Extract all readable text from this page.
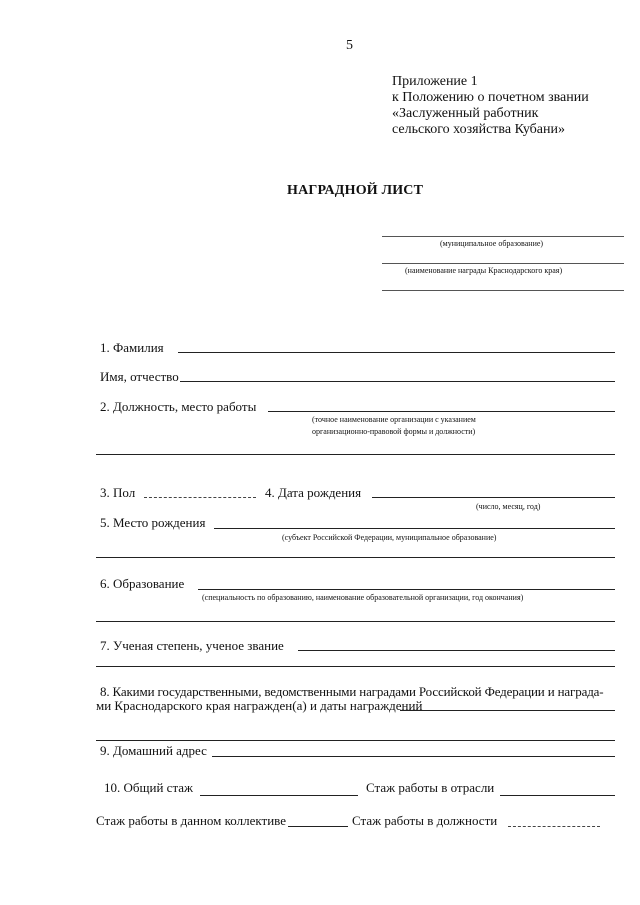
5
Приложение 1
к Положению о почетном звании
«Заслуженный работник
сельского хозяйства Кубани»
НАГРАДНОЙ ЛИСТ
(муниципальное образование)
(наименование награды Краснодарского края)
1. Фамилия
Имя, отчество
2. Должность, место работы
(точное наименование организации с указанием
организационно-правовой формы и должности)
3. Пол	4. Дата рождения
(число, месяц, год)
5. Место рождения
(субъект Российской Федерации, муниципальное образование)
6. Образование
(специальность по образованию, наименование образовательной организации, год окончания)
7. Ученая степень, ученое звание
8. Какими государственными, ведомственными наградами Российской Федерации и награда-
ми Краснодарского края награжден(а) и даты награждений
9. Домашний адрес
10. Общий стаж	Стаж работы в отрасли
Стаж работы в данном коллективе	Стаж работы в должности
